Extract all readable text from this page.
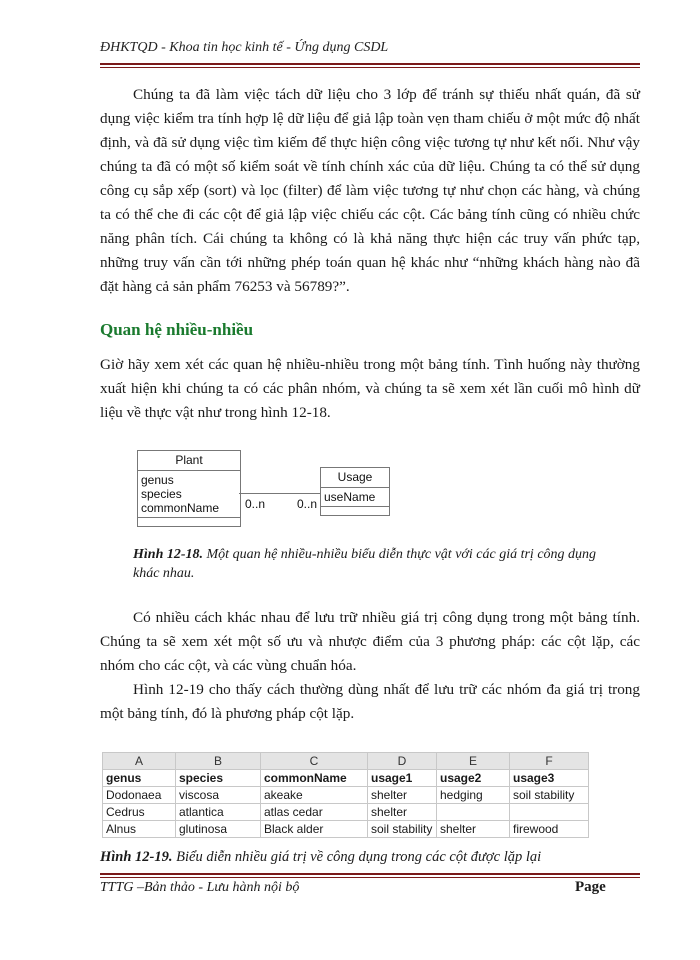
ĐHKTQD - Khoa tin học kinh tế - Ứng dụng CSDL
Chúng ta đã làm việc tách dữ liệu cho 3 lớp để tránh sự thiếu nhất quán, đã sử dụng việc kiểm tra tính hợp lệ dữ liệu để giả lập toàn vẹn tham chiếu ở một mức độ nhất định, và đã sử dụng việc tìm kiếm để thực hiện công việc tương tự như kết nối. Như vậy chúng ta đã có một số kiểm soát về tính chính xác của dữ liệu. Chúng ta có thể sử dụng công cụ sắp xếp (sort) và lọc (filter) để làm việc tương tự như chọn các hàng, và chúng ta có thể che đi các cột để giả lập việc chiếu các cột. Các bảng tính cũng có nhiều chức năng phân tích. Cái chúng ta không có là khả năng thực hiện các truy vấn phức tạp, những truy vấn cần tới những phép toán quan hệ khác như “những khách hàng nào đã đặt hàng cả sản phẩm 76253 và 56789?”.
Quan hệ nhiều-nhiều
Giờ hãy xem xét các quan hệ nhiều-nhiều trong một bảng tính. Tình huống này thường xuất hiện khi chúng ta có các phân nhóm, và chúng ta sẽ xem xét lần cuối mô hình dữ liệu về thực vật như trong hình 12-18.
Plant
genus
species
commonName
Usage
useName
0..n	0..n
Hình 12-18. Một quan hệ nhiều-nhiều biểu diễn thực vật với các giá trị công dụng khác nhau.
Có nhiều cách khác nhau để lưu trữ nhiều giá trị công dụng trong một bảng tính. Chúng ta sẽ xem xét một số ưu và nhược điểm của 3 phương pháp: các cột lặp, các nhóm cho các cột, và các vùng chuẩn hóa.
Hình 12-19 cho thấy cách thường dùng nhất để lưu trữ các nhóm đa giá trị trong một bảng tính, đó là phương pháp cột lặp.
A	B	C	D	E	F
genus	species	commonName	usage1	usage2	usage3
Dodonaea	viscosa	akeake	shelter	hedging	soil stability
Cedrus	atlantica	atlas cedar	shelter		
Alnus	glutinosa	Black alder	soil stability	shelter	firewood
Hình 12-19. Biểu diễn nhiều giá trị về công dụng trong các cột được lặp lại
TTTG –Bản thảo - Lưu hành nội bộ	Page
